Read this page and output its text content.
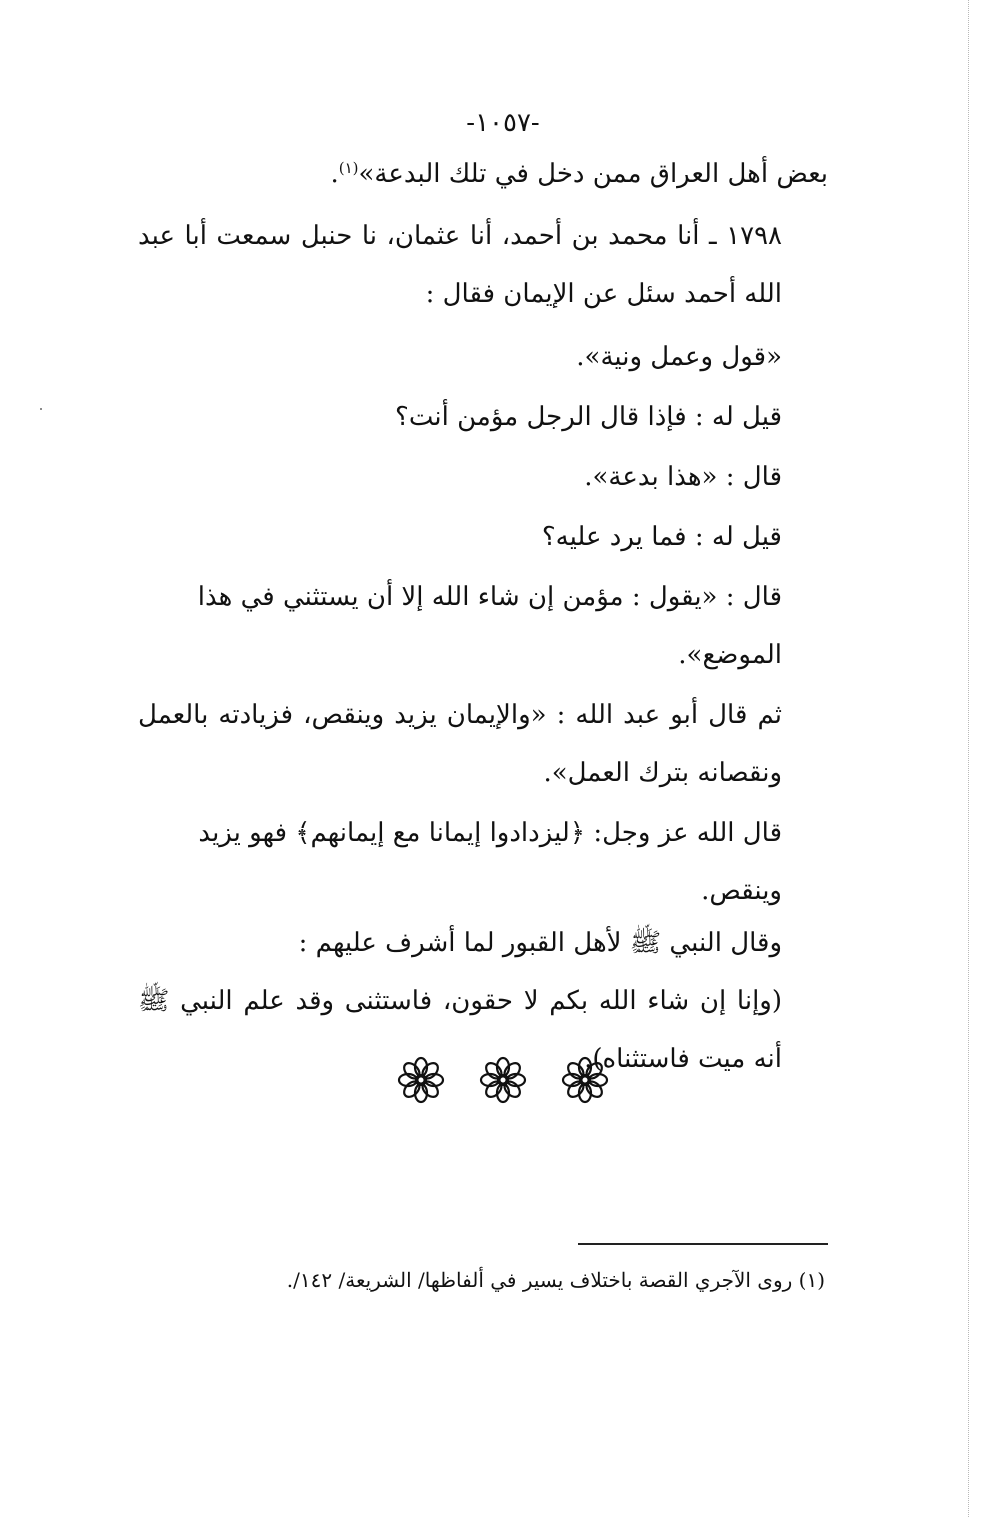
-١٠٥٧-

بعض أهل العراق ممن دخل في تلك البدعة»$^{(١)}$.

١٧٩٨ ـ أنا محمد بن أحمد، أنا عثمان، نا حنبل سمعت أبا عبد الله أحمد سئل عن الإيمان فقال :

«قول وعمل ونية».

قيل له : فإذا قال الرجل مؤمن أنت؟

قال : «هذا بدعة».

قيل له : فما يرد عليه؟

قال : «يقول : مؤمن إن شاء الله إلا أن يستثني في هذا الموضع».

ثم قال أبو عبد الله : «والإيمان يزيد وينقص، فزيادته بالعمل ونقصانه بترك العمل».

قال الله عز وجل: ﴿ليزدادوا إيمانا مع إيمانهم﴾ فهو يزيد وينقص.

وقال النبي ﷺ لأهل القبور لما أشرف عليهم :

(وإنا إن شاء الله بكم لا حقون، فاستثنى وقد علم النبي ﷺ أنه ميت فاستثناه).

(١) روى الآجري القصة باختلاف يسير في ألفاظها/ الشريعة/ ١٤٢/.
